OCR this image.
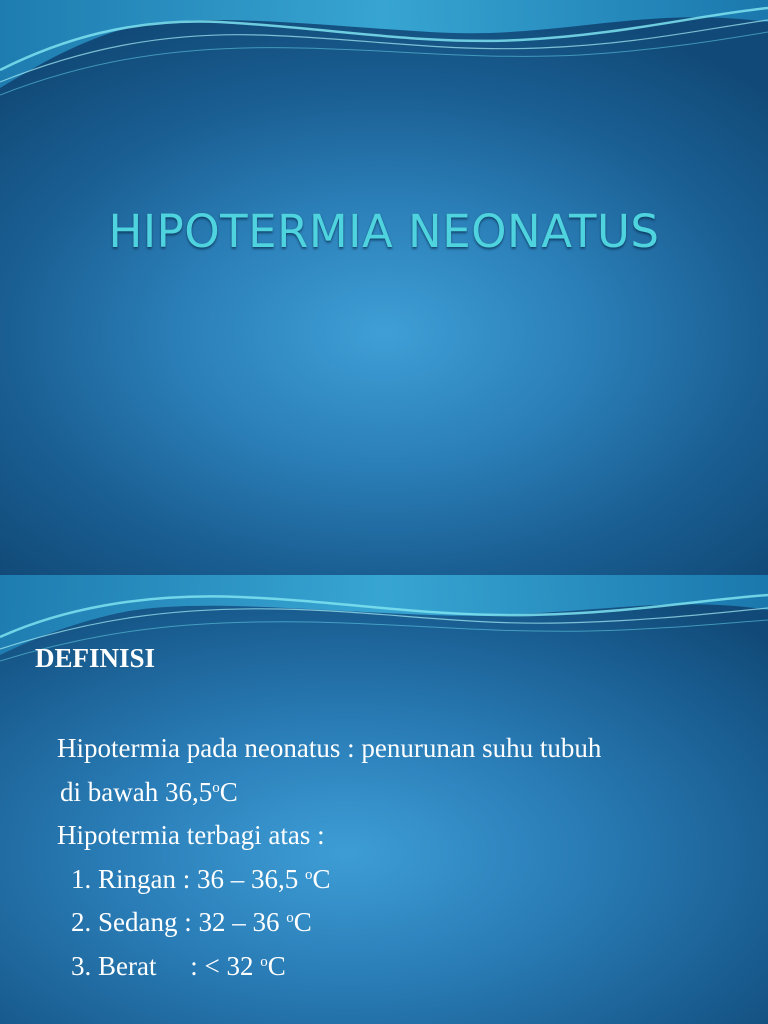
HIPOTERMIA NEONATUS
DEFINISI
Hipotermia pada neonatus : penurunan suhu tubuh
di bawah 36,5$^o$C
Hipotermia terbagi atas :
1. Ringan : 36 – 36,5 $^o$C
2. Sedang : 32 – 36 $^o$C
3. Berat     : < 32 $^o$C
